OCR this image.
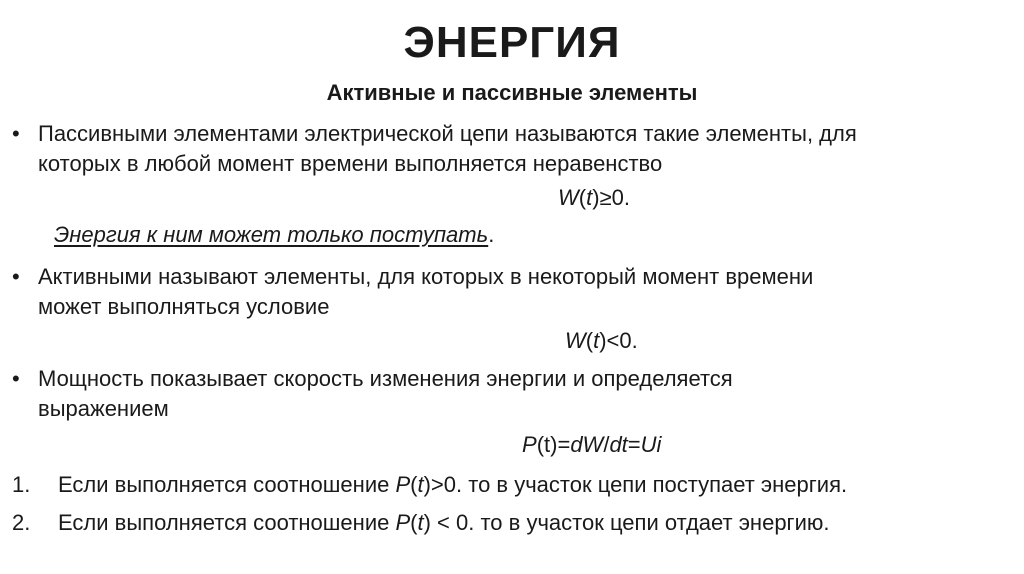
ЭНЕРГИЯ
Активные и пассивные элементы
• Пассивными элементами электрической цепи называются такие элементы, для
которых в любой момент времени выполняется неравенство
W(t)≥0.
Энергия к ним может только поступать.
• Активными называют элементы, для которых в некоторый момент времени
может выполняться условие
W(t)<0.
• Мощность показывает скорость изменения энергии и определяется
выражением
P(t)=dW/dt=Ui
1. Если выполняется соотношение P(t)>0. то в участок цепи поступает энергия.
2. Если выполняется соотношение P(t) < 0. то в участок цепи отдает энергию.
